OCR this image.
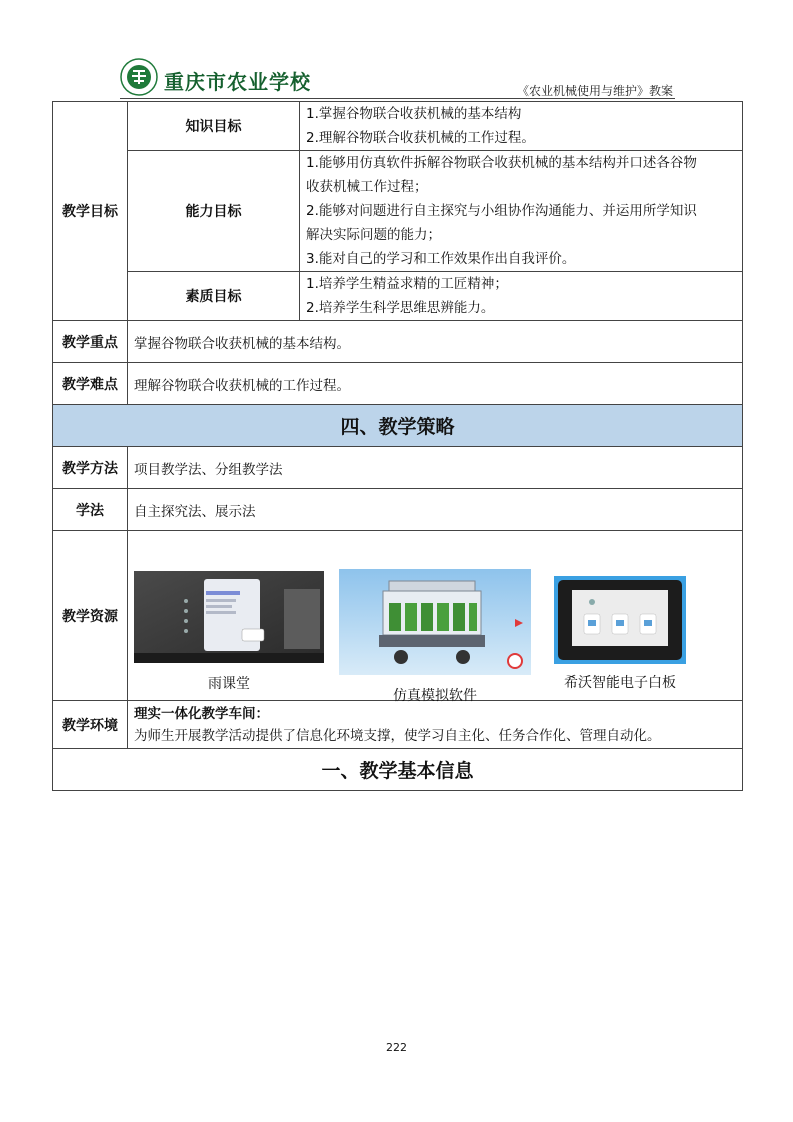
重庆市农业学校	《农业机械使用与维护》教案
教学目标	知识目标	1.掌握谷物联合收获机械的基本结构
2.理解谷物联合收获机械的工作过程。

	能力目标	1.能够用仿真软件拆解谷物联合收获机械的基本结构并口述各谷物
收获机械工作过程；
2.能够对问题进行自主探究与小组协作沟通能力、并运用所学知识
解决实际问题的能力；
3.能对自己的学习和工作效果作出自我评价。

	素质目标	1.培养学生精益求精的工匠精神；
2.培养学生科学思维思辨能力。

教学重点	掌握谷物联合收获机械的基本结构。	
教学难点	理解谷物联合收获机械的工作过程。	
四、教学策略		
教学方法	项目教学法、分组教学法	
学法	自主探究法、展示法	
教学资源	雨课堂
仿真模拟软件
希沃智能电子白板	

教学环境	理实一体化教学车间：
为师生开展教学活动提供了信息化环境支撑，使学习自主化、任务合作化、管理自动化。	

一、教学基本信息		
222
